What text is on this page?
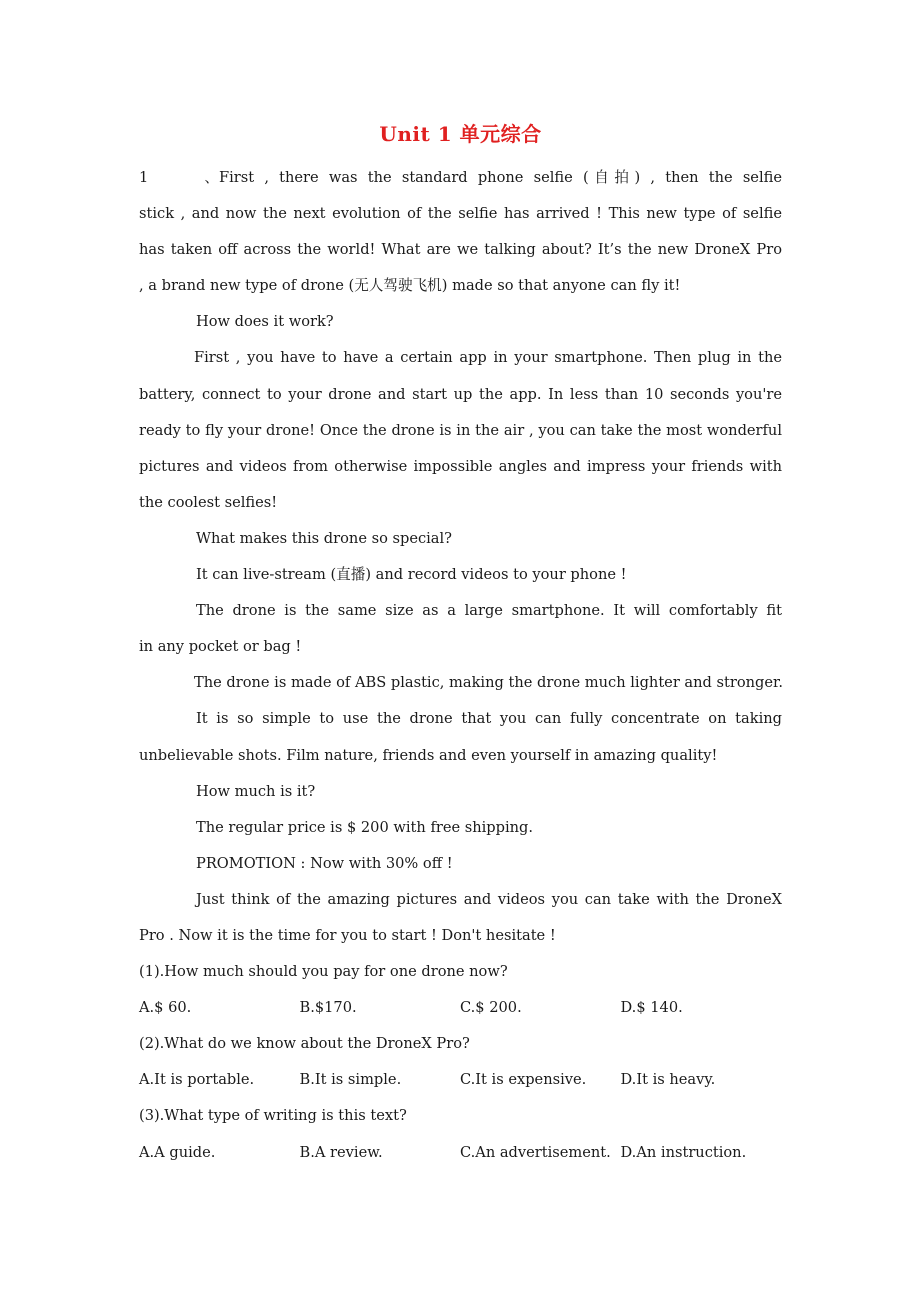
Unit 1 单元综合
1、First , there was the standard phone selfie (自拍) , then the selfie
stick , and now the next evolution of the selfie has arrived ! This new type of selfie
has taken off across the world! What are we talking about? It’s the new DroneX Pro
, a brand new type of drone (无人驾驶飞机) made so that anyone can fly it!
How does it work?
First , you have to have a certain app in your smartphone. Then plug in the
battery, connect to your drone and start up the app. In less than 10 seconds you're
ready to fly your drone! Once the drone is in the air , you can take the most wonderful
pictures and videos from otherwise impossible angles and impress your friends with
the coolest selfies!
What makes this drone so special?
It can live-stream (直播) and record videos to your phone !
The drone is the same size as a large smartphone. It will comfortably fit
in any pocket or bag !
The drone is made of ABS plastic, making the drone much lighter and stronger.
It is so simple to use the drone that you can fully concentrate on taking
unbelievable shots. Film nature, friends and even yourself in amazing quality!
How much is it?
The regular price is $ 200 with free shipping.
PROMOTION : Now with 30% off !
Just think of the amazing pictures and videos you can take with the DroneX
Pro . Now it is the time for you to start ! Don't hesitate !
(1).How much should you pay for one drone now?
A.$ 60.	B.$170.	C.$ 200.	D.$ 140.
(2).What do we know about the DroneX Pro?
A.It is portable.	B.It is simple.	C.It is expensive.	D.It is heavy.
(3).What type of writing is this text?
A.A guide.	B.A review.	C.An advertisement. D.An instruction.
